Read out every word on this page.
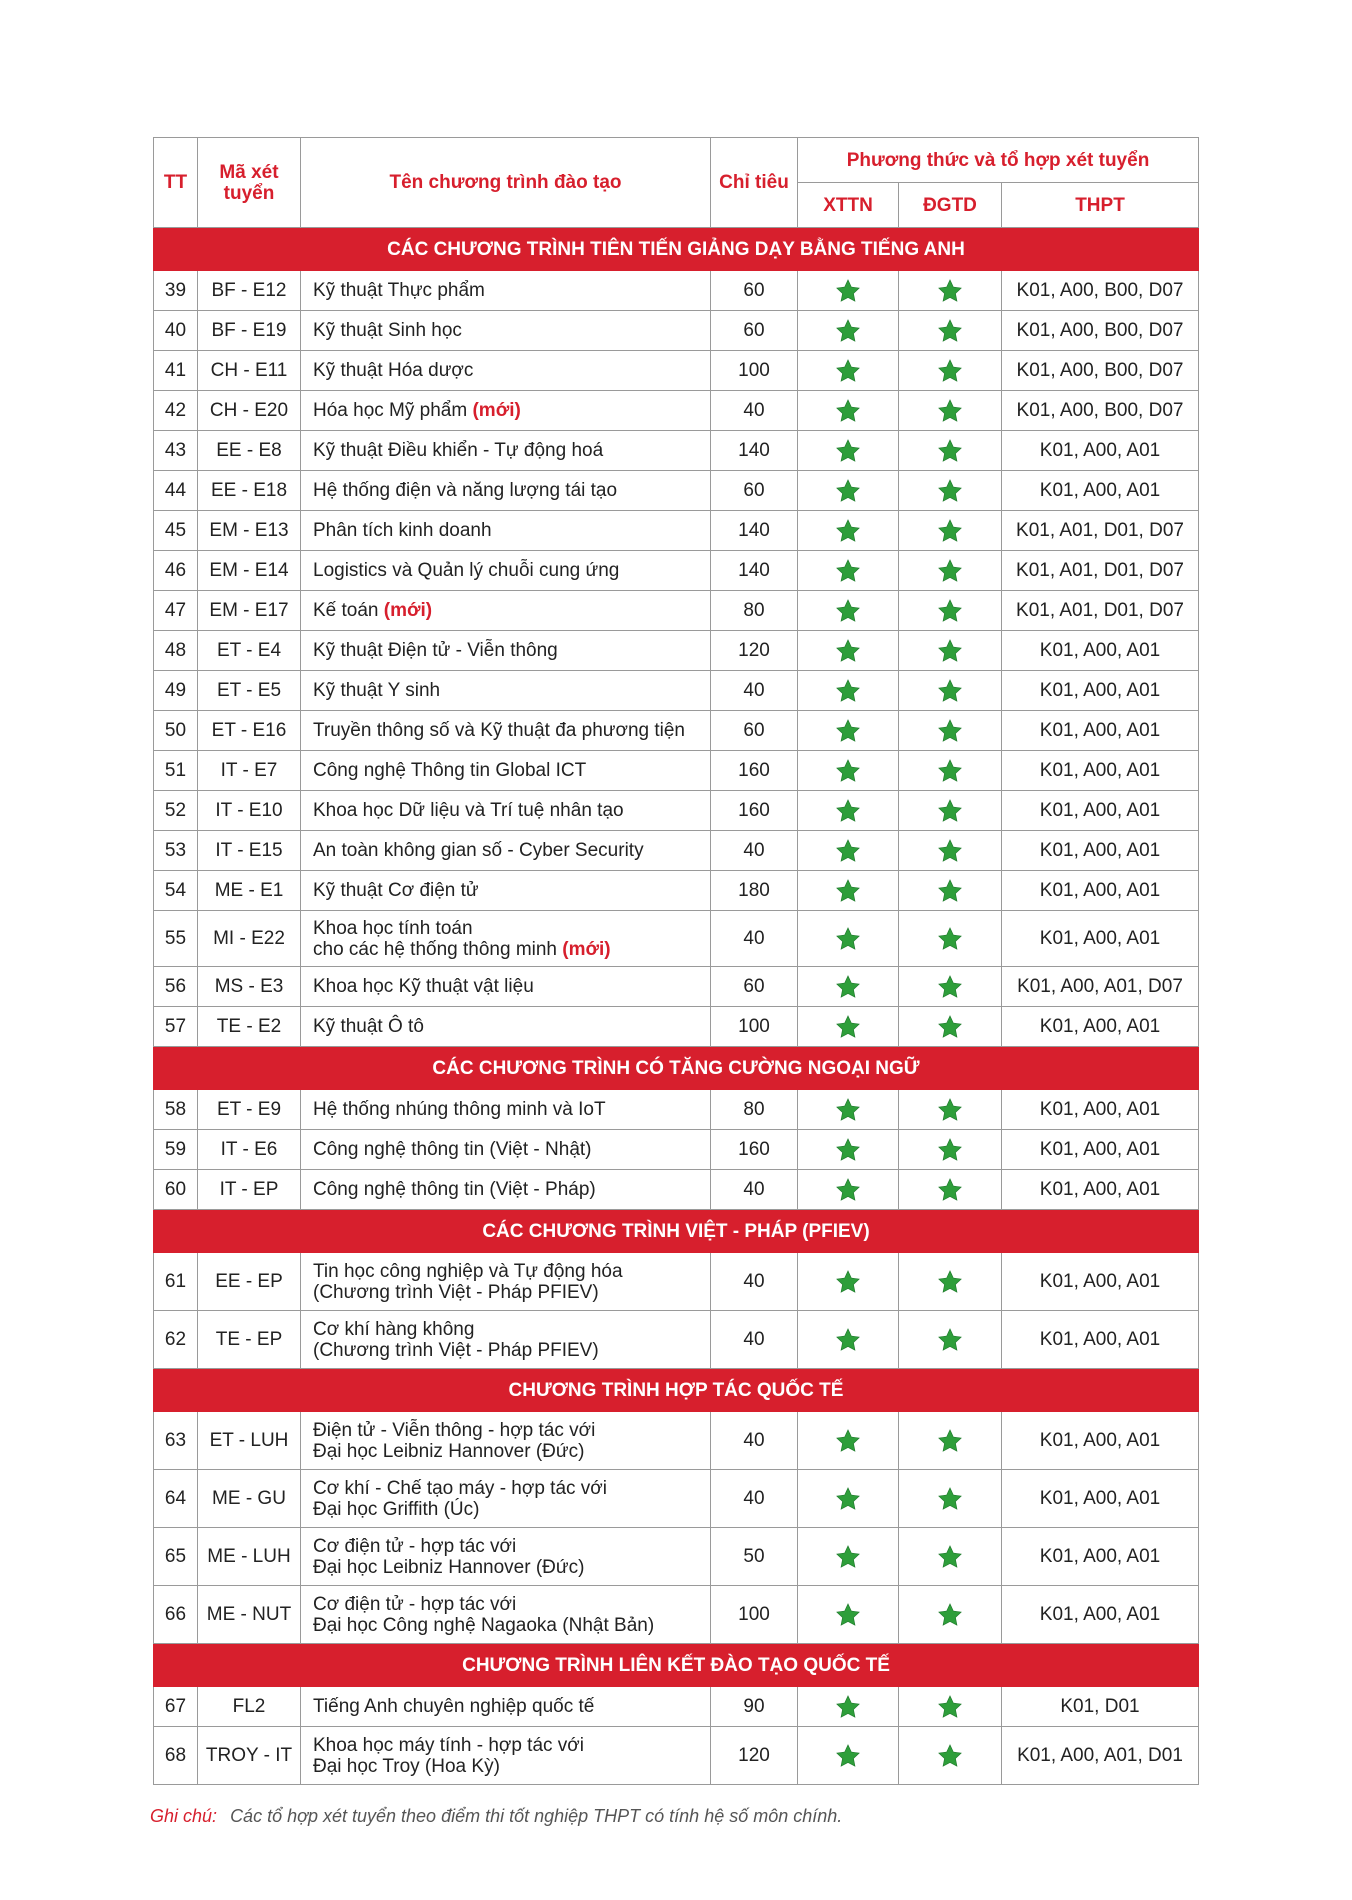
TT	Mã xét tuyển	Tên chương trình đào tạo	Chỉ tiêu	Phương thức và tổ hợp xét tuyển		
				XTTN	ĐGTD	THPT
CÁC CHƯƠNG TRÌNH TIÊN TIẾN GIẢNG DẠY BẰNG TIẾNG ANH						
39	BF - E12	Kỹ thuật Thực phẩm	60			K01, A00, B00, D07
40	BF - E19	Kỹ thuật Sinh học	60			K01, A00, B00, D07
41	CH - E11	Kỹ thuật Hóa dược	100			K01, A00, B00, D07
42	CH - E20	Hóa học Mỹ phẩm (mới)	40			K01, A00, B00, D07
43	EE - E8	Kỹ thuật Điều khiển - Tự động hoá	140			K01, A00, A01
44	EE - E18	Hệ thống điện và năng lượng tái tạo	60			K01, A00, A01
45	EM - E13	Phân tích kinh doanh	140			K01, A01, D01, D07
46	EM - E14	Logistics và Quản lý chuỗi cung ứng	140			K01, A01, D01, D07
47	EM - E17	Kế toán (mới)	80			K01, A01, D01, D07
48	ET - E4	Kỹ thuật Điện tử - Viễn thông	120			K01, A00, A01
49	ET - E5	Kỹ thuật Y sinh	40			K01, A00, A01
50	ET - E16	Truyền thông số và Kỹ thuật đa phương tiện	60			K01, A00, A01
51	IT - E7	Công nghệ Thông tin Global ICT	160			K01, A00, A01
52	IT - E10	Khoa học Dữ liệu và Trí tuệ nhân tạo	160			K01, A00, A01
53	IT - E15	An toàn không gian số - Cyber Security	40			K01, A00, A01
54	ME - E1	Kỹ thuật Cơ điện tử	180			K01, A00, A01
55	MI - E22	Khoa học tính toán
cho các hệ thống thông minh (mới)	40			K01, A00, A01
56	MS - E3	Khoa học Kỹ thuật vật liệu	60			K01, A00, A01, D07
57	TE - E2	Kỹ thuật Ô tô	100			K01, A00, A01
CÁC CHƯƠNG TRÌNH CÓ TĂNG CƯỜNG NGOẠI NGỮ						
58	ET - E9	Hệ thống nhúng thông minh và IoT	80			K01, A00, A01
59	IT - E6	Công nghệ thông tin (Việt - Nhật)	160			K01, A00, A01
60	IT - EP	Công nghệ thông tin (Việt - Pháp)	40			K01, A00, A01
CÁC CHƯƠNG TRÌNH VIỆT - PHÁP (PFIEV)						
61	EE - EP	Tin học công nghiệp và Tự động hóa
(Chương trình Việt - Pháp PFIEV)	40			K01, A00, A01
62	TE - EP	Cơ khí hàng không
(Chương trình Việt - Pháp PFIEV)	40			K01, A00, A01
CHƯƠNG TRÌNH HỢP TÁC QUỐC TẾ						
63	ET - LUH	Điện tử - Viễn thông - hợp tác với
Đại học Leibniz Hannover (Đức)	40			K01, A00, A01
64	ME - GU	Cơ khí - Chế tạo máy - hợp tác với
Đại học Griffith (Úc)	40			K01, A00, A01
65	ME - LUH	Cơ điện tử - hợp tác với
Đại học Leibniz Hannover (Đức)	50			K01, A00, A01
66	ME - NUT	Cơ điện tử - hợp tác với
Đại học Công nghệ Nagaoka (Nhật Bản)	100			K01, A00, A01
CHƯƠNG TRÌNH LIÊN KẾT ĐÀO TẠO QUỐC TẾ						
67	FL2	Tiếng Anh chuyên nghiệp quốc tế	90			K01, D01
68	TROY - IT	Khoa học máy tính - hợp tác với
Đại học Troy (Hoa Kỳ)	120			K01, A00, A01, D01
Ghi chú: Các tổ hợp xét tuyển theo điểm thi tốt nghiệp THPT có tính hệ số môn chính.
